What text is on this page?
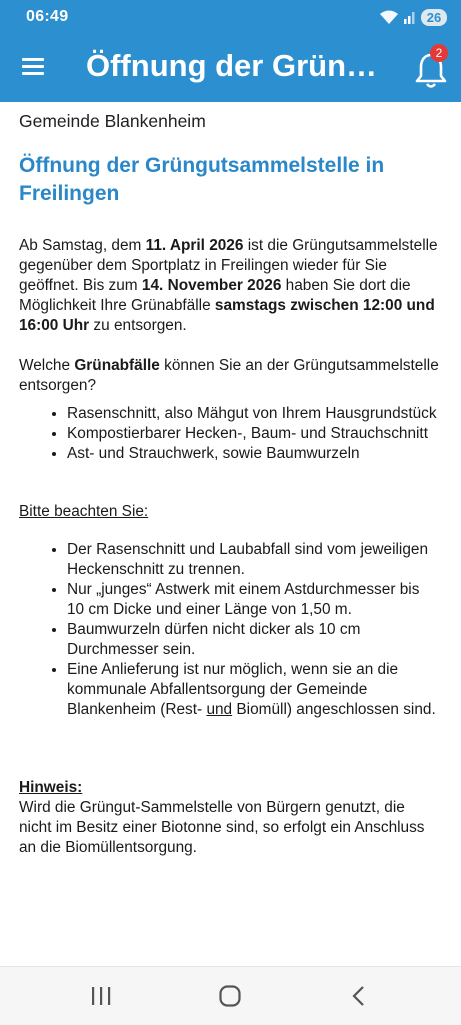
06:49	26
Öffnung der Grün…	2
Gemeinde Blankenheim
Öffnung der Grüngutsammelstelle in Freilingen

Ab Samstag, dem 11. April 2026 ist die Grüngutsammelstelle gegenüber dem Sportplatz in Freilingen wieder für Sie geöffnet. Bis zum 14. November 2026 haben Sie dort die Möglichkeit Ihre Grünabfälle samstags zwischen 12:00 und 16:00 Uhr zu entsorgen.

Welche Grünabfälle können Sie an der Grüngutsammelstelle entsorgen?

• Rasenschnitt, also Mähgut von Ihrem Hausgrundstück
• Kompostierbarer Hecken-, Baum- und Strauchschnitt
• Ast- und Strauchwerk, sowie Baumwurzeln

Bitte beachten Sie:

• Der Rasenschnitt und Laubabfall sind vom jeweiligen Heckenschnitt zu trennen.
• Nur „junges“ Astwerk mit einem Astdurchmesser bis 10 cm Dicke und einer Länge von 1,50 m.
• Baumwurzeln dürfen nicht dicker als 10 cm Durchmesser sein.
• Eine Anlieferung ist nur möglich, wenn sie an die kommunale Abfallentsorgung der Gemeinde Blankenheim (Rest- und Biomüll) angeschlossen sind.

Hinweis:

Wird die Grüngut-Sammelstelle von Bürgern genutzt, die nicht im Besitz einer Biotonne sind, so erfolgt ein Anschluss an die Biomüllentsorgung.
